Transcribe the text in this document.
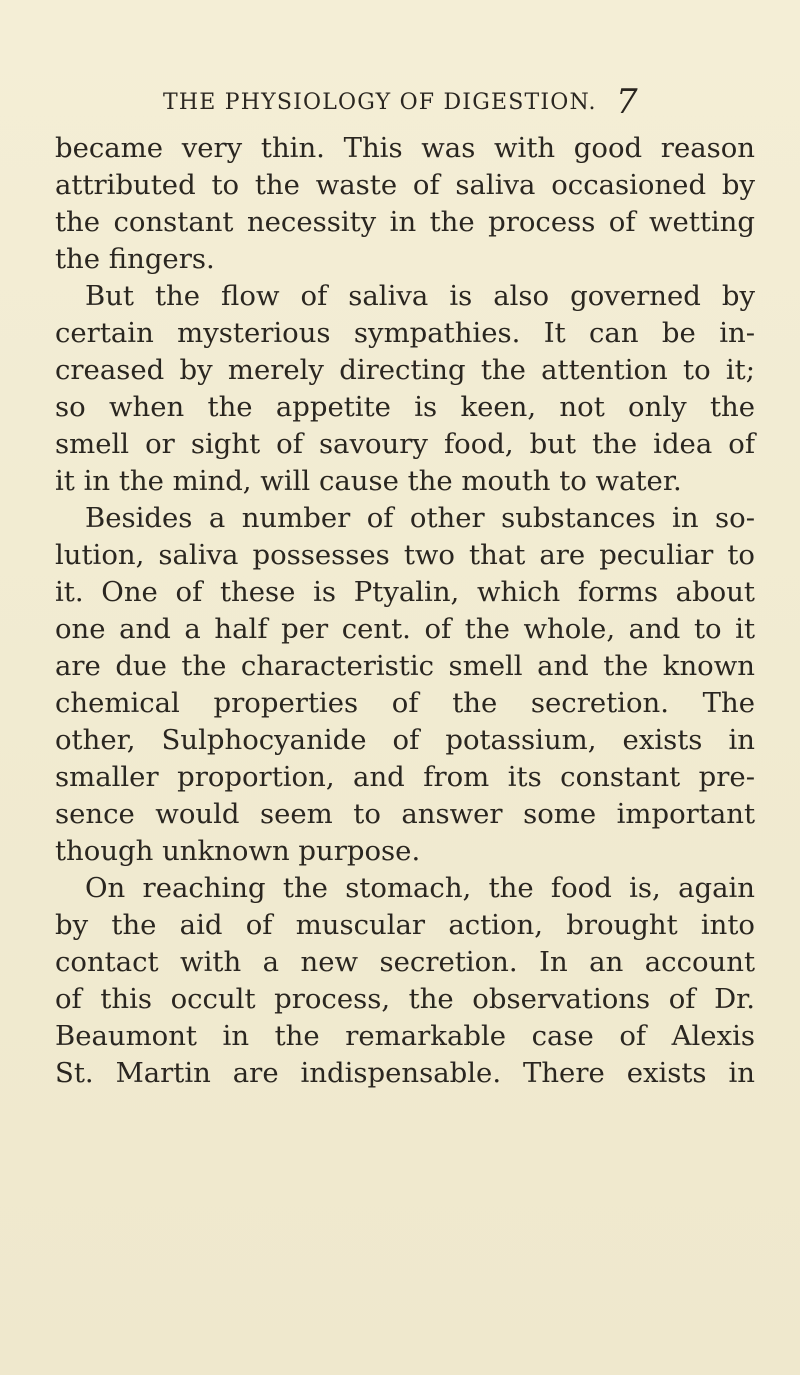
THE PHYSIOLOGY OF DIGESTION. 7
became very thin. This was with good reason
attributed to the waste of saliva occasioned by
the constant necessity in the process of wetting
the fingers.
But the flow of saliva is also governed by
certain mysterious sympathies. It can be in-
creased by merely directing the attention to it;
so when the appetite is keen, not only the
smell or sight of savoury food, but the idea of
it in the mind, will cause the mouth to water.
Besides a number of other substances in so-
lution, saliva possesses two that are peculiar to
it. One of these is Ptyalin, which forms about
one and a half per cent. of the whole, and to it
are due the characteristic smell and the known
chemical properties of the secretion. The
other, Sulphocyanide of potassium, exists in
smaller proportion, and from its constant pre-
sence would seem to answer some important
though unknown purpose.
On reaching the stomach, the food is, again
by the aid of muscular action, brought into
contact with a new secretion. In an account
of this occult process, the observations of Dr.
Beaumont in the remarkable case of Alexis
St. Martin are indispensable. There exists in
